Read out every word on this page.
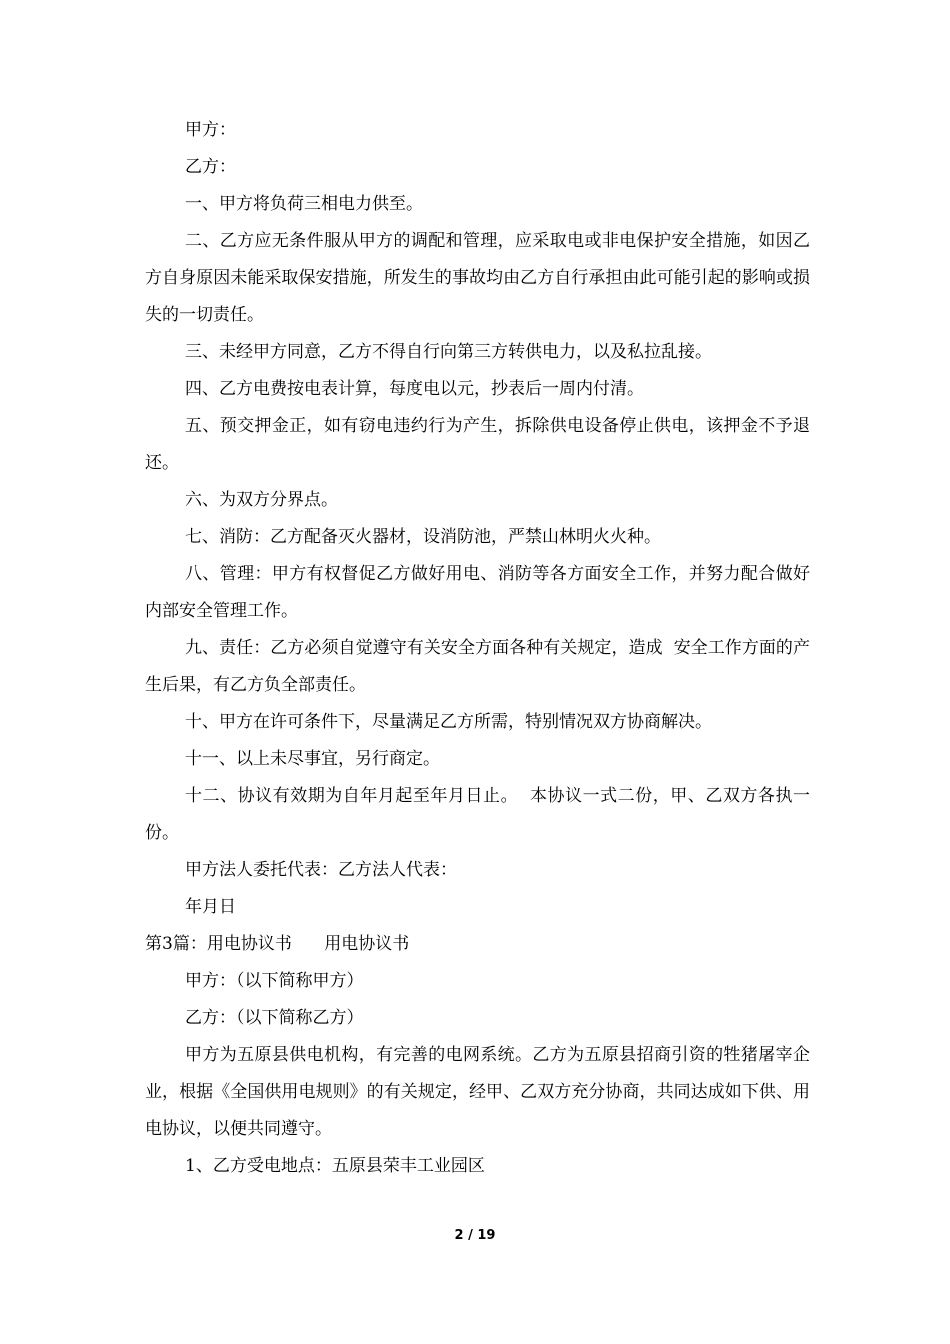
甲方：

乙方：

一、甲方将负荷三相电力供至。

二、乙方应无条件服从甲方的调配和管理，应采取电或非电保护安全措施，如因乙方自身原因未能采取保安措施，所发生的事故均由乙方自行承担由此可能引起的影响或损失的一切责任。

三、未经甲方同意，乙方不得自行向第三方转供电力，以及私拉乱接。

四、乙方电费按电表计算，每度电以元，抄表后一周内付清。

五、预交押金正，如有窃电违约行为产生，拆除供电设备停止供电，该押金不予退还。

六、为双方分界点。

七、消防：乙方配备灭火器材，设消防池，严禁山林明火火种。

八、管理：甲方有权督促乙方做好用电、消防等各方面安全工作，并努力配合做好内部安全管理工作。

九、责任：乙方必须自觉遵守有关安全方面各种有关规定，造成  安全工作方面的产生后果，有乙方负全部责任。

十、甲方在许可条件下，尽量满足乙方所需，特别情况双方协商解决。

十一、以上未尽事宜，另行商定。

十二、协议有效期为自年月起至年月日止。  本协议一式二份，甲、乙双方各执一份。

甲方法人委托代表：乙方法人代表：

年月日

第3篇：用电协议书      用电协议书

甲方：（以下简称甲方）

乙方：（以下简称乙方）

甲方为五原县供电机构，有完善的电网系统。乙方为五原县招商引资的牲猪屠宰企业，根据《全国供用电规则》的有关规定，经甲、乙双方充分协商，共同达成如下供、用电协议，以便共同遵守。

1、乙方受电地点：五原县荣丰工业园区

2 / 19
